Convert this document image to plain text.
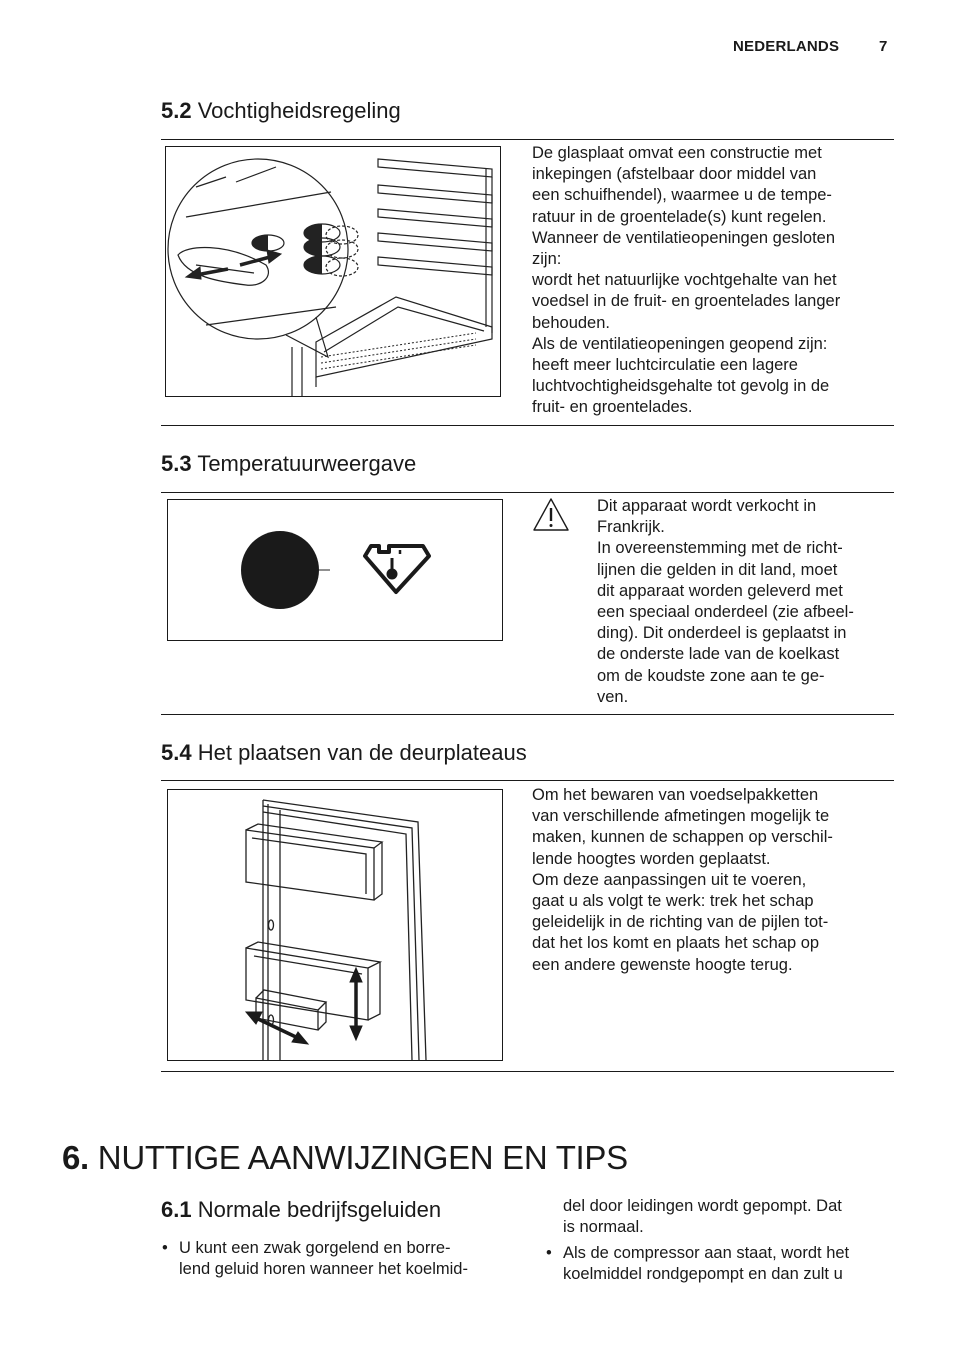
NEDERLANDS	7
5.2 Vochtigheidsregeling
De glasplaat omvat een constructie met
inkepingen (afstelbaar door middel van
een schuifhendel), waarmee u de tempe-
ratuur in de groentelade(s) kunt regelen.
Wanneer de ventilatieopeningen gesloten
zijn:
wordt het natuurlijke vochtgehalte van het
voedsel in de fruit- en groentelades langer
behouden.
Als de ventilatieopeningen geopend zijn:
heeft meer luchtcirculatie een lagere
luchtvochtigheidsgehalte tot gevolg in de
fruit- en groentelades.
5.3 Temperatuurweergave
Dit apparaat wordt verkocht in
Frankrijk.
In overeenstemming met de richt-
lijnen die gelden in dit land, moet
dit apparaat worden geleverd met
een speciaal onderdeel (zie afbeel-
ding). Dit onderdeel is geplaatst in
de onderste lade van de koelkast
om de koudste zone aan te ge-
ven.
5.4 Het plaatsen van de deurplateaus
Om het bewaren van voedselpakketten
van verschillende afmetingen mogelijk te
maken, kunnen de schappen op verschil-
lende hoogtes worden geplaatst.
Om deze aanpassingen uit te voeren,
gaat u als volgt te werk: trek het schap
geleidelijk in de richting van de pijlen tot-
dat het los komt en plaats het schap op
een andere gewenste hoogte terug.
6. NUTTIGE AANWIJZINGEN EN TIPS
6.1 Normale bedrijfsgeluiden
• U kunt een zwak gorgelend en borre-
lend geluid horen wanneer het koelmid-
del door leidingen wordt gepompt. Dat
is normaal.
• Als de compressor aan staat, wordt het
koelmiddel rondgepompt en dan zult u
